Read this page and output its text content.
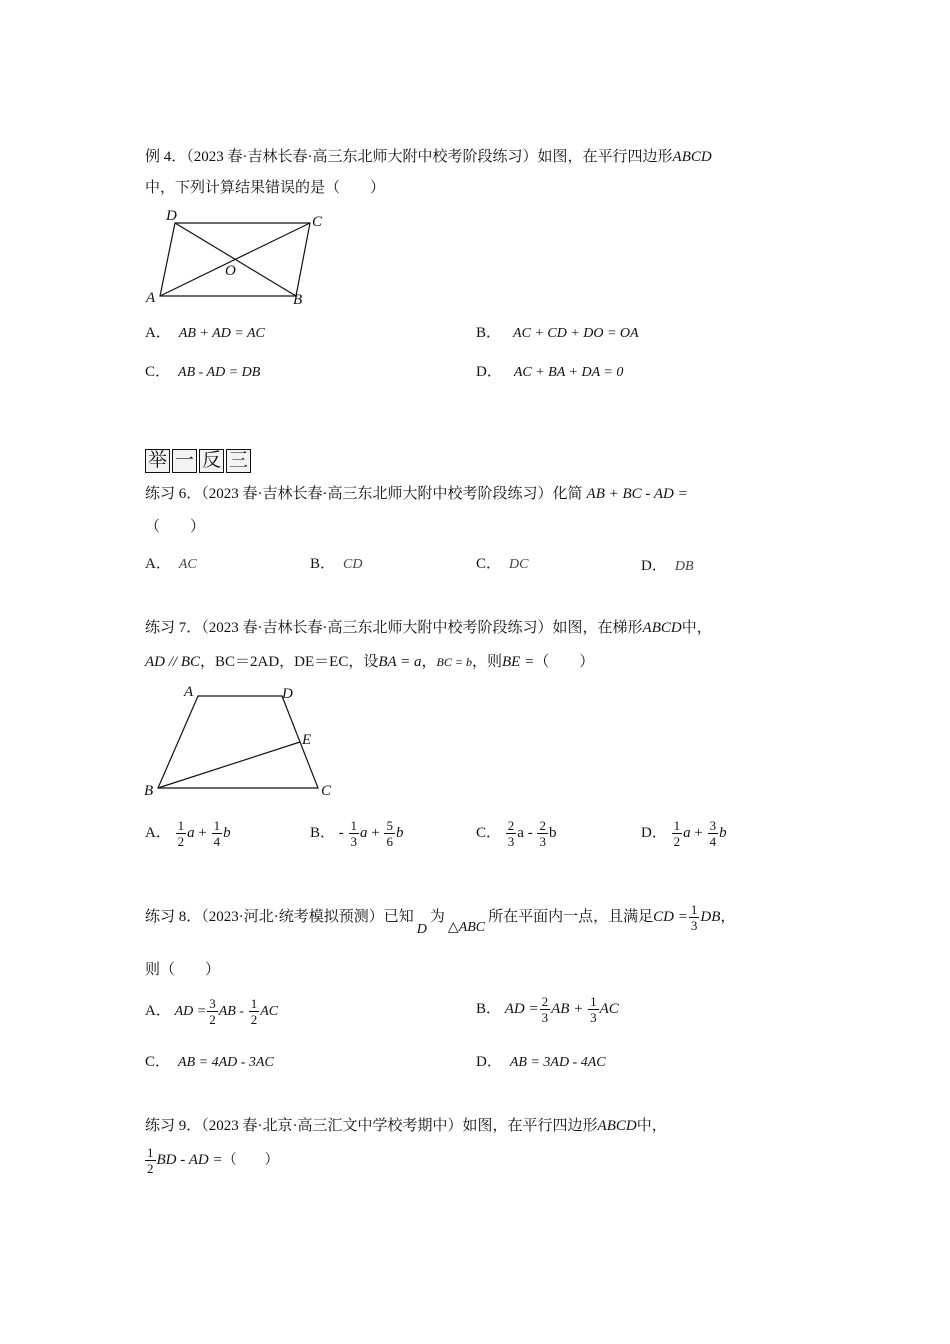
例 4．（2023 春·吉林长春·高三东北师大附中校考阶段练习）如图，在平行四边形ABCD
中，下列计算结果错误的是（　　）
D	C
O
A	B
A． AB + AD = AC	B． AC + CD + DO = OA
C． AB - AD = DB	D． AC + BA + DA = 0
举 一 反 三
练习 6．（2023 春·吉林长春·高三东北师大附中校考阶段练习）化简 AB + BC - AD =
（　　）
A． AC	B． CD	C． DC	D． DB
练习 7．（2023 春·吉林长春·高三东北师大附中校考阶段练习）如图，在梯形ABCD中，
AD // BC，BC＝2AD，DE＝EC，设BA = a，BC = b，则BE =（　　）
A	D
E
B	C
A． $\frac{1}{2}$ $a + \frac{1}{4}$ b	B． - $\frac{1}{3}$ $a + \frac{5}{6}$ b	C． $\frac{2}{3}$ a - $\frac{2}{3}$ b	D． $\frac{1}{2}$ $a + \frac{3}{4}$ b
练习 8．（2023·河北·统考模拟预测）已知D为△ABC所在平面内一点，且满足CD = $\frac{1}{3}$ DB，
则（　　）
A． AD = $\frac{3}{2}$ AB - $\frac{1}{2}$ AC	B． AD = $\frac{2}{3}$ AB + $\frac{1}{3}$ AC
C． AB = 4AD - 3AC	D． AB = 3AD - 4AC
练习 9．（2023 春·北京·高三汇文中学校考期中）如图，在平行四边形ABCD中，
$\frac{1}{2}$ BD - AD =（　　）
